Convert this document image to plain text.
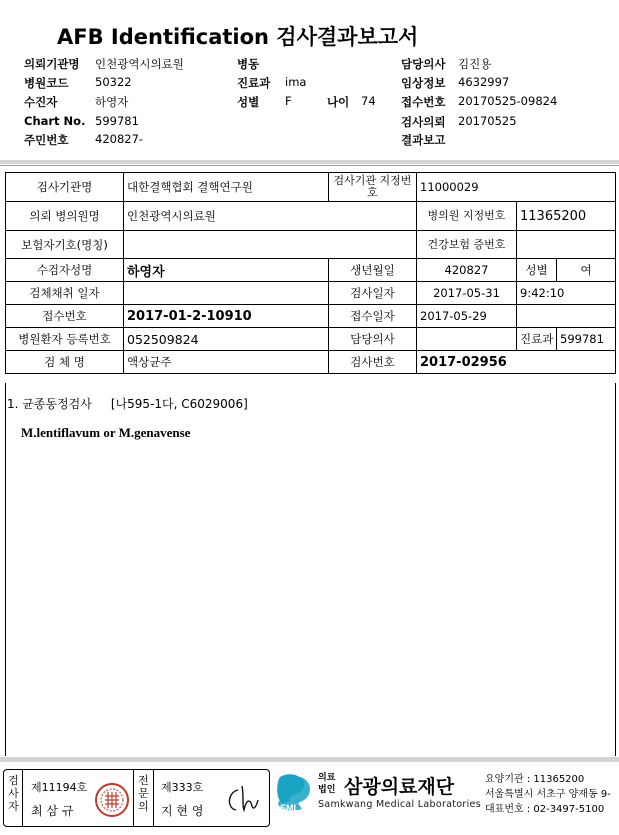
AFB Identification 검사결과보고서
의뢰기관명 인천광역시의료원	병동	담당의사 김진용
병원코드 50322	진료과 ima	임상정보 4632997
수진자	하영자	성별 F	나이 74 접수번호 20170525-09824
Chart No. 599781	검사의뢰 20170525
주민번호 420827-	결과보고
검사기관명	대한결핵협회 결핵연구원	검사기관 지정번호	11000029		
의뢰 병의원명	인천광역시의료원		병의원 지정번호	11365200	
보험자기호(명칭)			건강보험 증번호		
수검자성명	하영자	생년월일	420827	성별	여
검체채취 일자		검사일자	2017-05-31	9:42:10	
접수번호	2017-01-2-10910	접수일자	2017-05-29		
병원환자 등록번호	052509824	담당의사		진료과	599781
검 체 명	액상균주	검사번호	2017-02956		
1. 균종동정검사     [나595-1다, C6029006]
M.lentiflavum or M.genavense
검사자
제11194호
최 삼 규
전문의
제333호
지 현 영	SML
의료법인 삼광의료재단
Samkwang Medical Laboratories
요양기관 : 11365200
서울특별시 서초구 양재동 9-
대표번호 : 02-3497-5100
